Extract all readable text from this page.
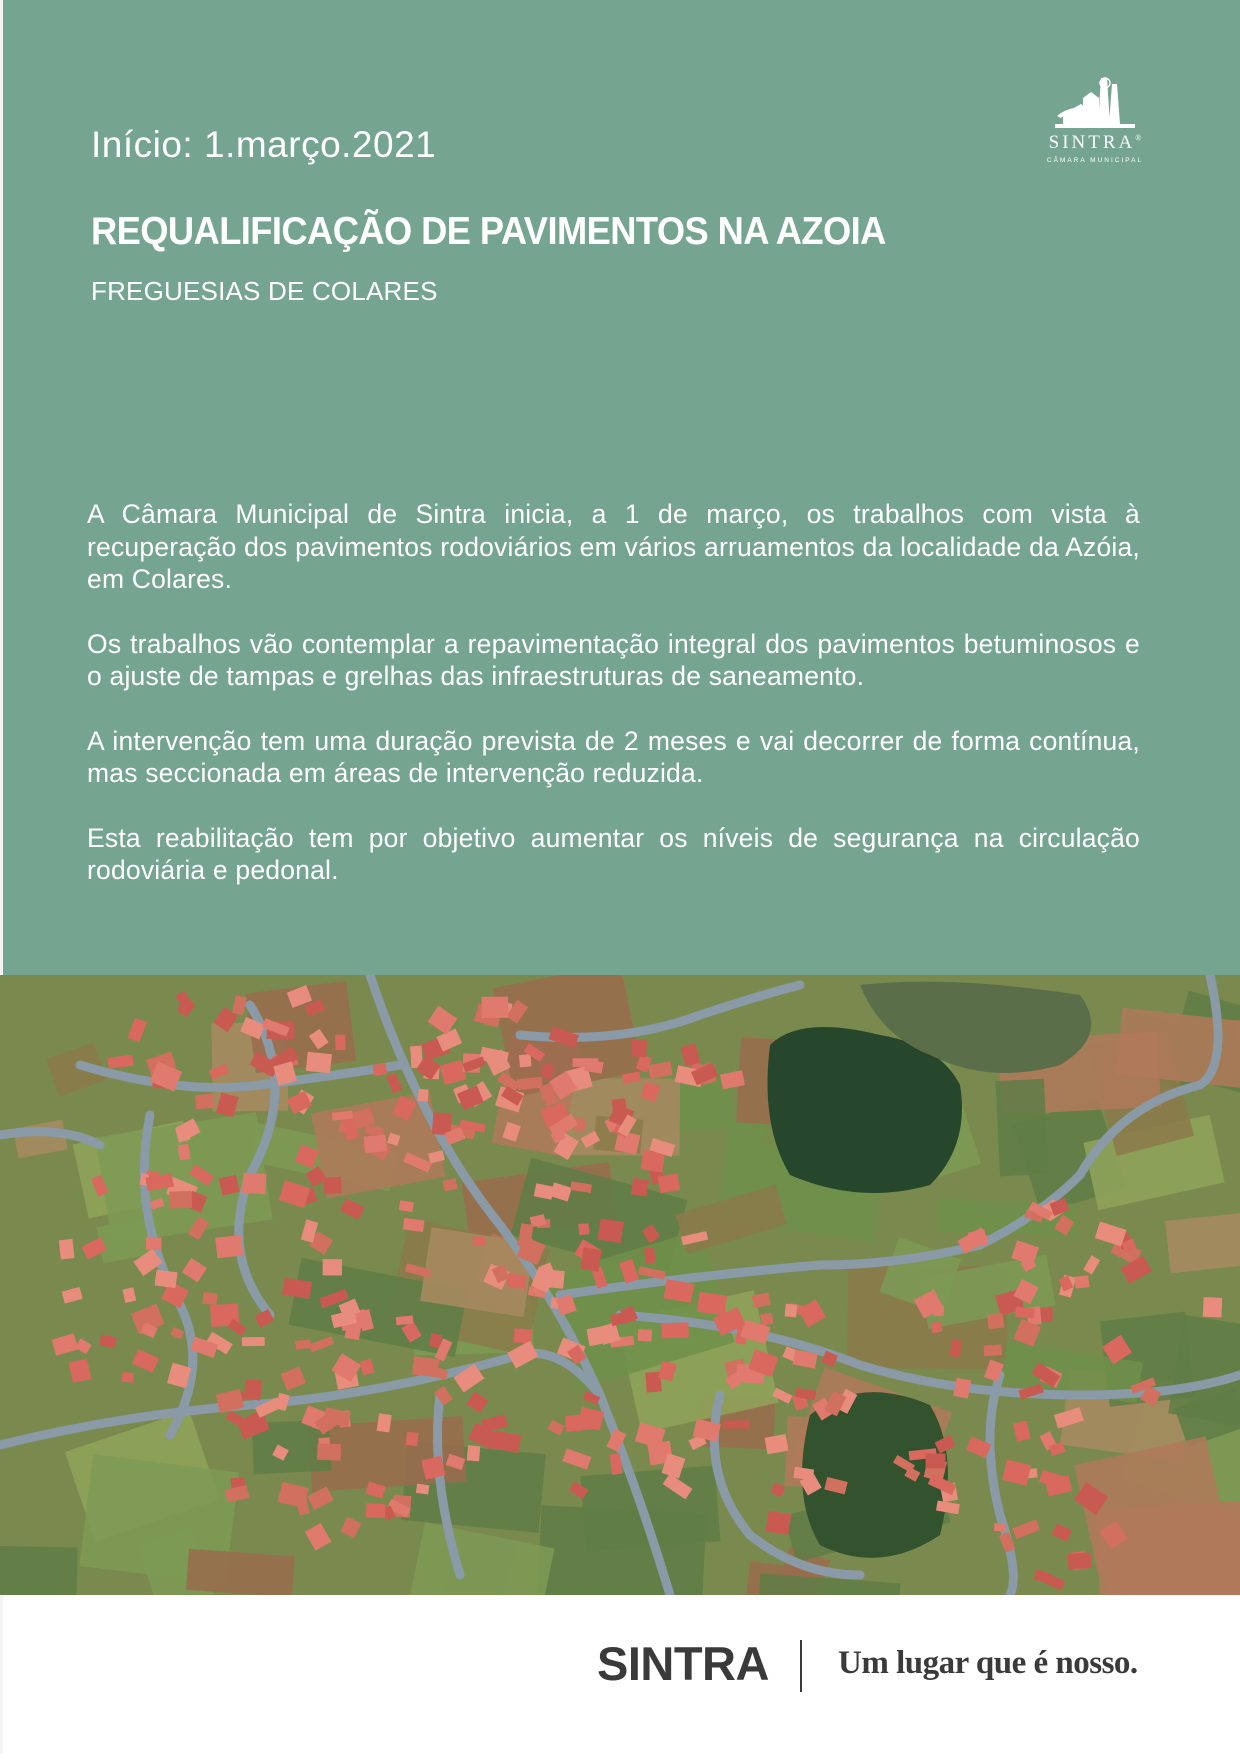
Início: 1.março.2021
REQUALIFICAÇÃO DE PAVIMENTOS NA AZOIA
FREGUESIAS DE COLARES
SINTRA®
CÂMARA MUNICIPAL

A Câmara Municipal de Sintra inicia, a 1 de março, os trabalhos com vista à recuperação dos pavimentos rodoviários em vários arruamentos da localidade da Azóia, em Colares.

Os trabalhos vão contemplar a repavimentação integral dos pavimentos betuminosos e o ajuste de tampas e grelhas das infraestruturas de saneamento.

A intervenção tem uma duração prevista de 2 meses e vai decorrer de forma contínua, mas seccionada em áreas de intervenção reduzida.

Esta reabilitação tem por objetivo aumentar os níveis de segurança na circulação rodoviária e pedonal.

SINTRA Um lugar que é nosso.
